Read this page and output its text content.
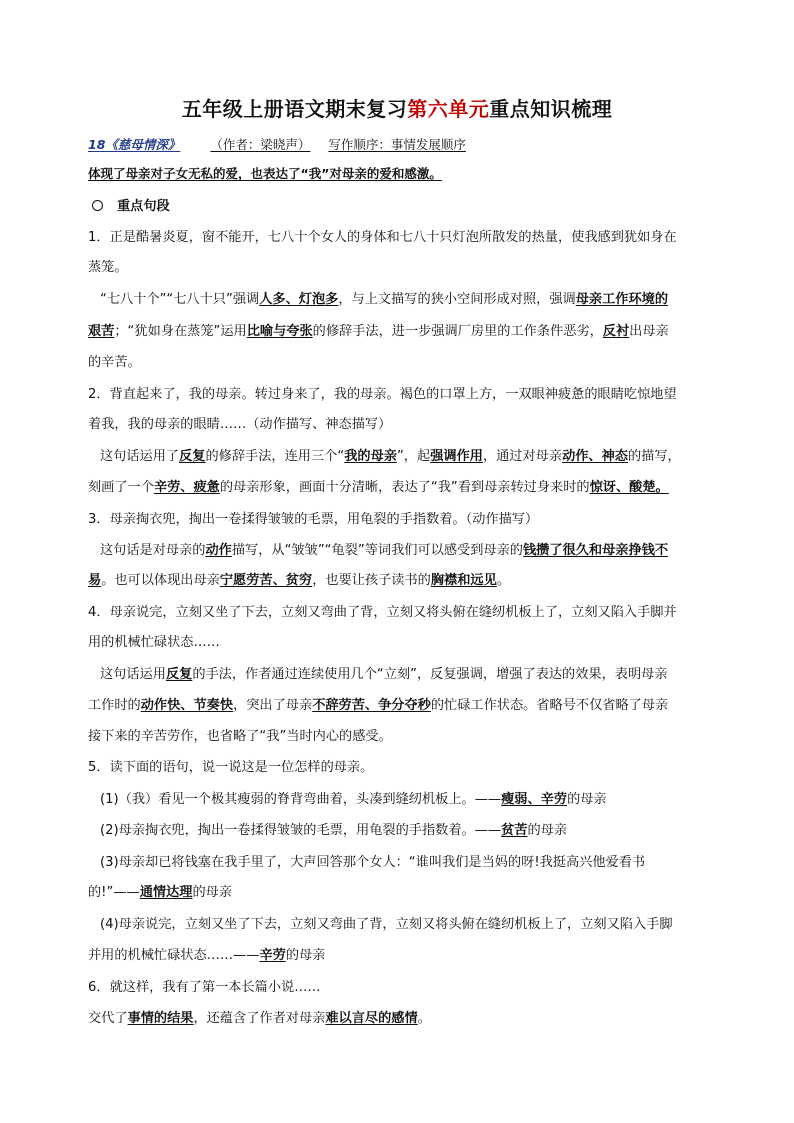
五年级上册语文期末复习第六单元重点知识梳理
18《慈母情深》 （作者：梁晓声） 写作顺序：事情发展顺序
体现了母亲对子女无私的爱，也表达了“我”对母亲的爱和感激。
重点句段
1．正是酷暑炎夏，窗不能开，七八十个女人的身体和七八十只灯泡所散发的热量，使我感到犹如身在
蒸笼。
“七八十个”“七八十只”强调人多、灯泡多，与上文描写的狭小空间形成对照，强调母亲工作环境的
艰苦；“犹如身在蒸笼”运用比喻与夸张的修辞手法，进一步强调厂房里的工作条件恶劣，反衬出母亲
的辛苦。
2．背直起来了，我的母亲。转过身来了，我的母亲。褐色的口罩上方，一双眼神疲惫的眼睛吃惊地望
着我，我的母亲的眼睛……（动作描写、神态描写）
这句话运用了反复的修辞手法，连用三个“我的母亲”，起强调作用，通过对母亲动作、神态的描写，
刻画了一个辛劳、疲惫的母亲形象，画面十分清晰，表达了“我”看到母亲转过身来时的惊讶、酸楚。
3．母亲掏衣兜，掏出一卷揉得皱皱的毛票，用龟裂的手指数着。（动作描写）
这句话是对母亲的动作描写，从“皱皱”“龟裂”等词我们可以感受到母亲的钱攒了很久和母亲挣钱不
易。也可以体现出母亲宁愿劳苦、贫穷，也要让孩子读书的胸襟和远见。
4．母亲说完，立刻又坐了下去，立刻又弯曲了背，立刻又将头俯在缝纫机板上了，立刻又陷入手脚并
用的机械忙碌状态……
这句话运用反复的手法，作者通过连续使用几个“立刻”，反复强调，增强了表达的效果，表明母亲
工作时的动作快、节奏快，突出了母亲不辞劳苦、争分夺秒的忙碌工作状态。省略号不仅省略了母亲
接下来的辛苦劳作，也省略了“我”当时内心的感受。
5．读下面的语句，说一说这是一位怎样的母亲。
(1)（我）看见一个极其瘦弱的脊背弯曲着，头凑到缝纫机板上。——瘦弱、辛劳的母亲
(2)母亲掏衣兜，掏出一卷揉得皱皱的毛票，用龟裂的手指数着。——贫苦的母亲
(3)母亲却已将钱塞在我手里了，大声回答那个女人：“谁叫我们是当妈的呀!我挺高兴他爱看书
的!”——通情达理的母亲
(4)母亲说完，立刻又坐了下去，立刻又弯曲了背，立刻又将头俯在缝纫机板上了，立刻又陷入手脚
并用的机械忙碌状态……——辛劳的母亲
6．就这样，我有了第一本长篇小说……
交代了事情的结果，还蕴含了作者对母亲难以言尽的感情。
